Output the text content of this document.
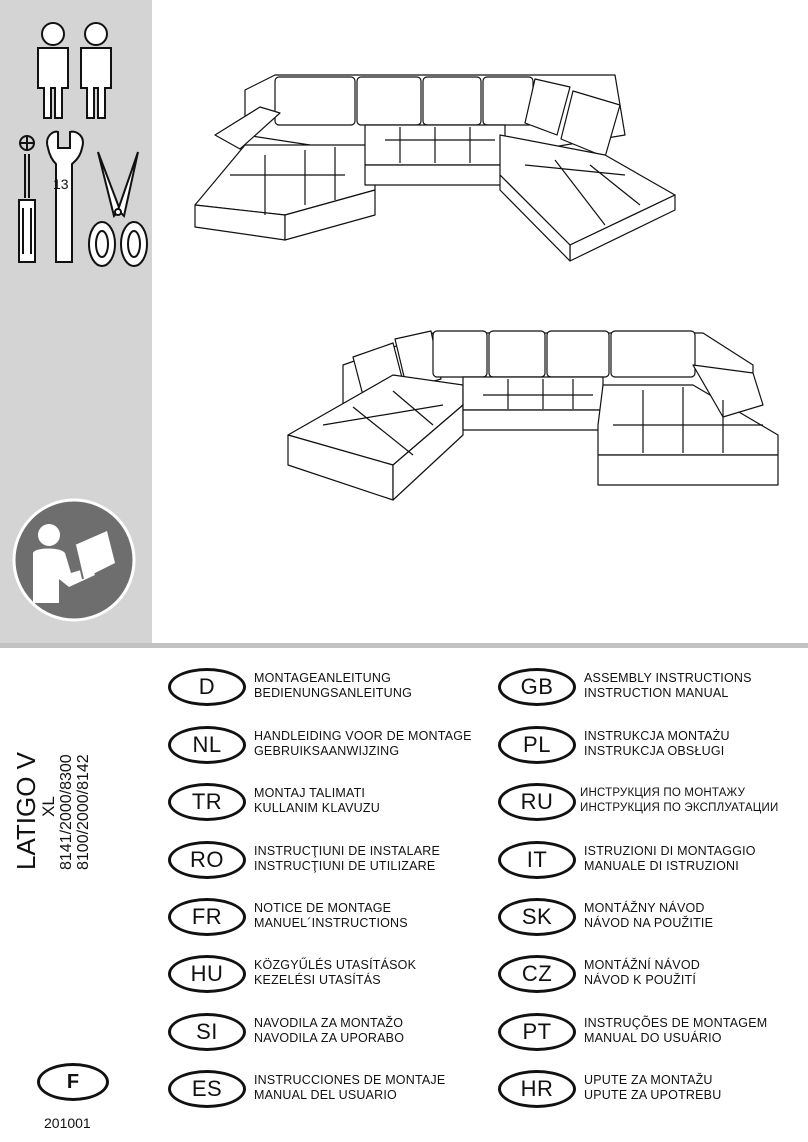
13
LATIGO V
XL 8141/2000/8300 8100/2000/8142
F
201001
D	MONTAGEANLEITUNG
BEDIENUNGSANLEITUNG
NL	HANDLEIDING VOOR DE MONTAGE
GEBRUIKSAANWIJZING
TR	MONTAJ TALIMATI
KULLANIM KLAVUZU
RO	INSTRUCŢIUNI DE INSTALARE
INSTRUCŢIUNI DE UTILIZARE
FR	NOTICE DE MONTAGE
MANUEL´INSTRUCTIONS
HU	KÖZGYŰLÉS UTASÍTÁSOK
KEZELÉSI UTASÍTÁS
SI	NAVODILA ZA MONTAŽO
NAVODILA ZA UPORABO
ES	INSTRUCCIONES DE MONTAJE
MANUAL DEL USUARIO
GB	ASSEMBLY INSTRUCTIONS
INSTRUCTION MANUAL
PL	INSTRUKCJA MONTAŻU
INSTRUKCJA OBSŁUGI
RU	ИНСТРУКЦИЯ ПО МОНТАЖУ
ИНСТРУКЦИЯ ПО ЭКСПЛУАТАЦИИ
IT	ISTRUZIONI DI MONTAGGIO
MANUALE DI ISTRUZIONI
SK	MONTÁŽNY NÁVOD
NÁVOD NA POUŽITIE
CZ	MONTÁŽNÍ NÁVOD
NÁVOD K POUŽITÍ
PT	INSTRUÇÕES DE MONTAGEM
MANUAL DO USUÁRIO
HR	UPUTE ZA MONTAŽU
UPUTE ZA UPOTREBU
